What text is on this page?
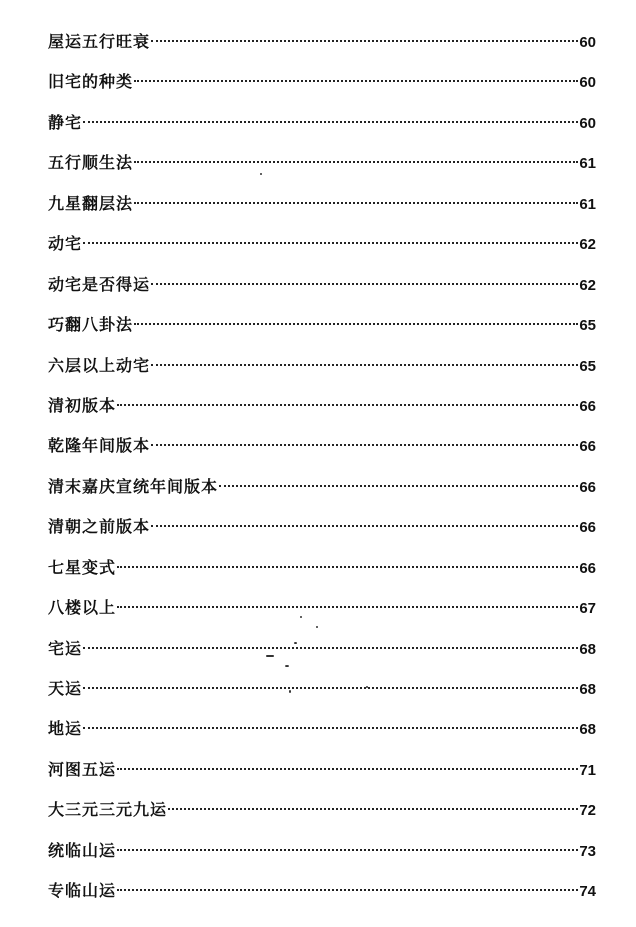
屋运五行旺衰	60
旧宅的种类	60
静宅	60
五行顺生法	61
九星翻层法	61
动宅	62
动宅是否得运	62
巧翻八卦法	65
六层以上动宅	65
清初版本	66
乾隆年间版本	66
清末嘉庆宣统年间版本	66
清朝之前版本	66
七星变式	66
八楼以上	67
宅运	68
天运	68
地运	68
河图五运	71
大三元三元九运	72
统临山运	73
专临山运	74
